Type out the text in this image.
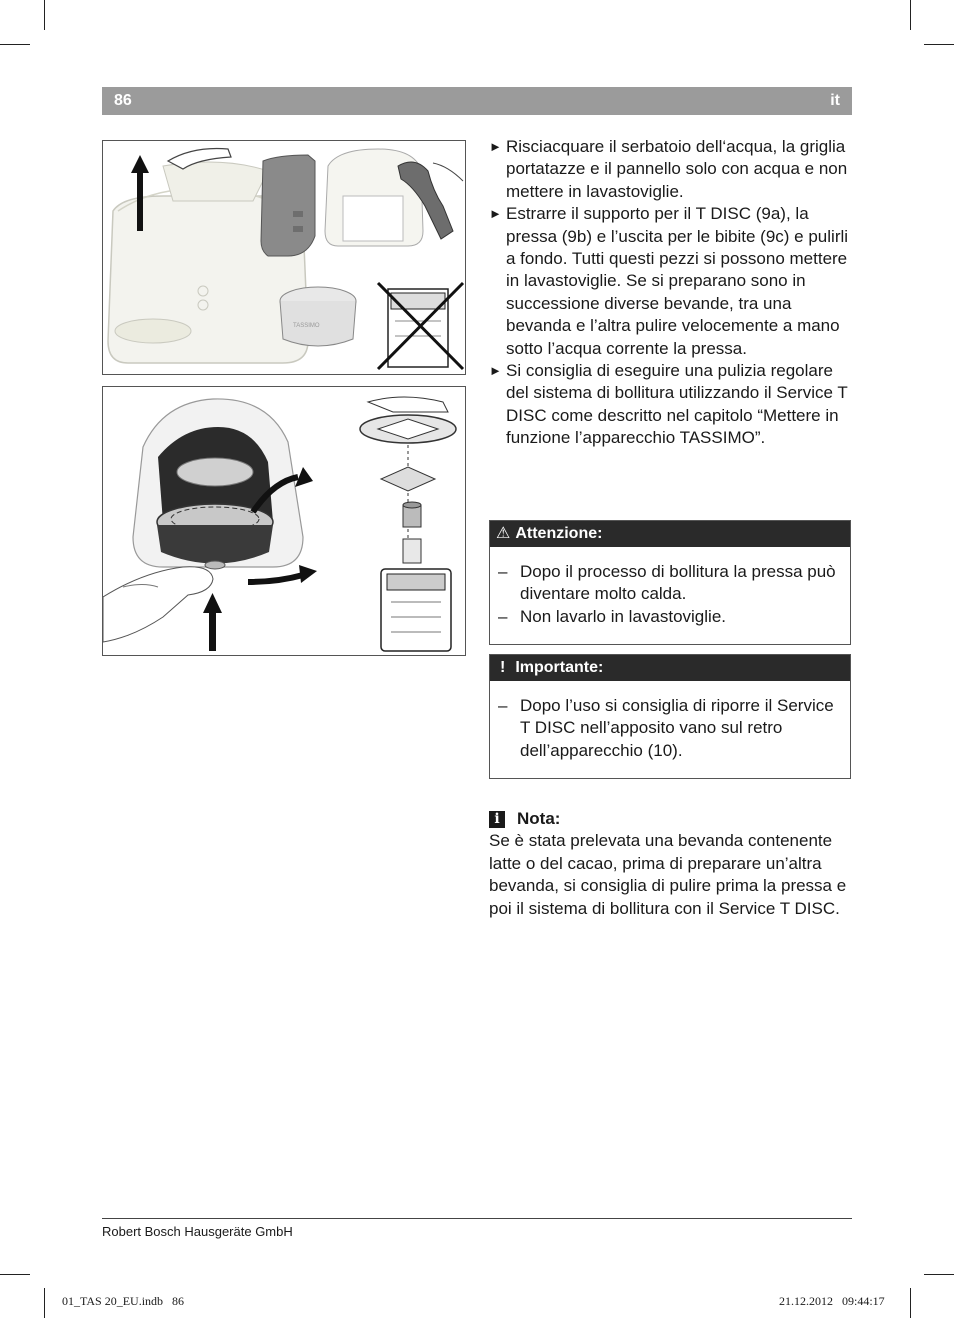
86	it
TASSIMO
► Risciacquare il serbatoio dell‘acqua, la griglia portatazze e il pannello solo con acqua e non mettere in lavastoviglie.
► Estrarre il supporto per il T DISC (9a), la pressa (9b) e l’uscita per le bibite (9c) e pulirli a fondo. Tutti questi pezzi si possono mettere in lavastoviglie. Se si preparano sono in successione diverse bevande, tra una bevanda e l’altra pulire velocemente a mano sotto l’acqua corrente la pressa.
► Si consiglia di eseguire una pulizia regolare del sistema di bollitura utilizzando il Service T DISC come descritto nel capitolo “Mettere in funzione l’apparecchio TASSIMO”.
⚠ Attenzione:
– Dopo il processo di bollitura la pressa può diventare molto calda.
– Non lavarlo in lavastoviglie.
! Importante:
– Dopo l’uso si consiglia di riporre il Service T DISC nell’apposito vano sul retro dell’apparecchio (10).
i	Nota:
Se è stata prelevata una bevanda contenente latte o del cacao, prima di preparare un’altra bevanda, si consiglia di pulire prima la pressa e poi il sistema di bollitura con il Service T DISC.
Robert Bosch Hausgeräte GmbH
01_TAS 20_EU.indb   86	21.12.2012   09:44:17
